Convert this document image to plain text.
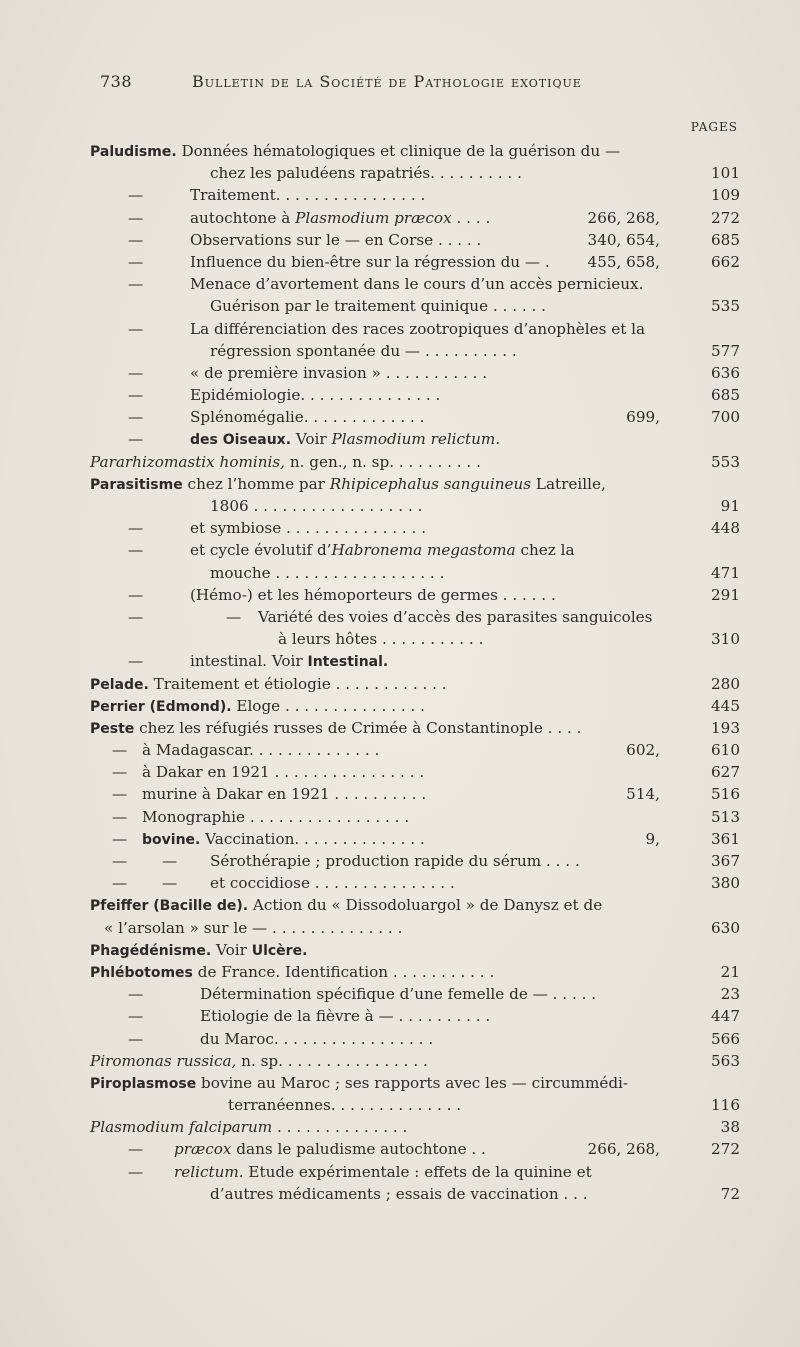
738	Bulletin de la Société de Pathologie exotique
PAGES
Paludisme. Données hématologiques et clinique de la guérison du —
chez les paludéens rapatriés. . . . . . . . . .	101
—	Traitement. . . . . . . . . . . . . . . .	109
—	autochtone à Plasmodium præcox . . . .	266, 268,	272
—	Observations sur le — en Corse . . . . .	340, 654,	685
—	Influence du bien-être sur la régression du — . 455, 658,	662
—	Menace d’avortement dans le cours d’un accès pernicieux.
Guérison par le traitement quinique . . . . . .	535
—	La différenciation des races zootropiques d’anophèles et la
régression spontanée du — . . . . . . . . . .	577
—	« de première invasion » . . . . . . . . . . .	636
—	Epidémiologie. . . . . . . . . . . . . . .	685
—	Splénomégalie. . . . . . . . . . . . .	699,	700
—	des Oiseaux. Voir Plasmodium relictum.
Pararhizomastix hominis, n. gen., n. sp. . . . . . . . . .	553
Parasitisme chez l’homme par Rhipicephalus sanguineus Latreille,
1806 . . . . . . . . . . . . . . . . . .	91
—	et symbiose . . . . . . . . . . . . . . .	448
—	et cycle évolutif d’Habronema megastoma chez la
mouche . . . . . . . . . . . . . . . . . .	471
—	(Hémo-) et les hémoporteurs de germes . . . . . .	291
—	— Variété des voies d’accès des parasites sanguicoles
à leurs hôtes . . . . . . . . . . .	310
—	intestinal. Voir Intestinal.
Pelade. Traitement et étiologie . . . . . . . . . . . .	280
Perrier (Edmond). Eloge . . . . . . . . . . . . . . .	445
Peste chez les réfugiés russes de Crimée à Constantinople . . . .	193
— à Madagascar. . . . . . . . . . . . . .	602,	610
— à Dakar en 1921 . . . . . . . . . . . . . . . .	627
— murine à Dakar en 1921 . . . . . . . . . .	514,	516
— Monographie . . . . . . . . . . . . . . . . .	513
— bovine. Vaccination. . . . . . . . . . . . . .	9,	361
— — Sérothérapie ; production rapide du sérum . . . .	367
— — et coccidiose . . . . . . . . . . . . . . .	380
Pfeiffer (Bacille de). Action du « Dissodoluargol » de Danysz et de
« l’arsolan » sur le — . . . . . . . . . . . . . .	630
Phagédénisme. Voir Ulcère.
Phlébotomes de France. Identification . . . . . . . . . . .	21
—	Détermination spécifique d’une femelle de — . . . . .	23
—	Etiologie de la fièvre à — . . . . . . . . . .	447
—	du Maroc. . . . . . . . . . . . . . . . .	566
Piromonas russica, n. sp. . . . . . . . . . . . . . . .	563
Piroplasmose bovine au Maroc ; ses rapports avec les — circummédi-
terranéennes. . . . . . . . . . . . . .	116
Plasmodium falciparum . . . . . . . . . . . . . .	38
— præcox dans le paludisme autochtone . .	266, 268,	272
— relictum. Etude expérimentale : effets de la quinine et
d’autres médicaments ; essais de vaccination . . .	72
